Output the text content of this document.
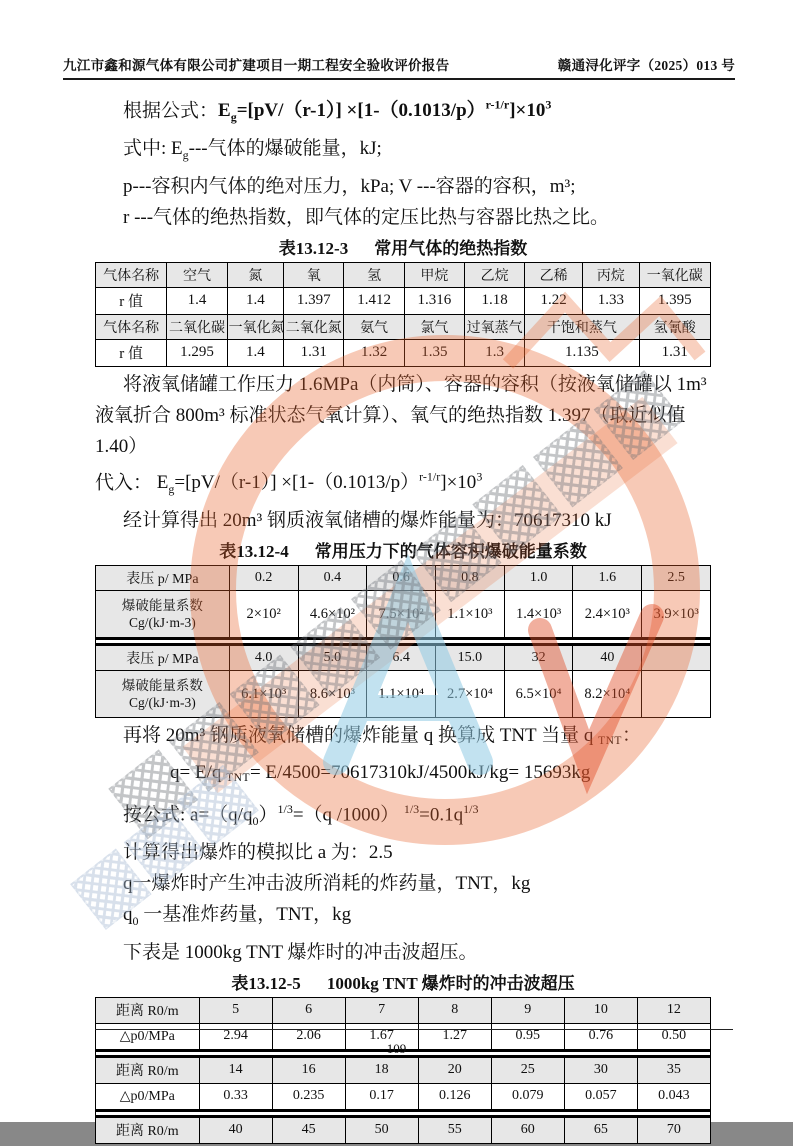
九江市鑫和源气体有限公司扩建项目一期工程安全验收评价报告	赣通浔化评字（2025）013 号

根据公式：$E_g=[pV/(r-1)] \times[1-(0.1013/p)^{r-1/r}]\times 10^3$

式中: $E_g---$气体的爆破能量，kJ;

p---容积内气体的绝对压力，kPa; V ---容器的容积，m³;

r ---气体的绝热指数，即气体的定压比热与容器比热之比。

表13.12-3 常用气体的绝热指数
气体名称	空气	氮	氧	氢	甲烷	乙烷	乙稀	丙烷	一氧化碳
r 值	1.4	1.4	1.397	1.412	1.316	1.18	1.22	1.33	1.395
气体名称	二氧化碳	一氧化氮	二氧化氮	氨气	氯气	过氧蒸气	干饱和蒸气		氢氰酸
r 值	1.295	1.4	1.31	1.32	1.35	1.3	1.135		1.31

将液氧储罐工作压力 1.6MPa（内筒）、容器的容积（按液氧储罐以 1m³

液氧折合 800m³ 标准状态气氧计算）、氧气的绝热指数 1.397（取近似值 1.40）

代入： $E_g=[pV/(r-1)] \times[1-(0.1013/p)^{r-1/r}]\times 10^3$

经计算得出 20m³ 钢质液氧储槽的爆炸能量为：70617310 kJ

表13.12-4 常用压力下的气体容积爆破能量系数
表压 p/ MPa	0.2	0.4	0.6	0.8	1.0	1.6	2.5

爆破能量系数
Cg/(kJ·m-3)	2×10²	4.6×10²	7.5×10²	1.1×10³	1.4×10³	2.4×10³	3.9×10³

表压 p/ MPa	4.0	5.0	6.4	15.0	32	40	

爆破能量系数
Cg/(kJ·m-3)	6.1×10³	8.6×10³	1.1×10⁴	2.7×10⁴	6.5×10⁴	8.2×10⁴	

再将 20m³ 钢质液氧储槽的爆炸能量 q 换算成 TNT 当量 q TNT：

q= E/q TNT= E/4500=70617310kJ/4500kJ/kg= 15693kg

按公式: $a=(q/q_0)^{1/3}=(q$ /1000） $^{1/3}=0.1q^{1/3}$

计算得出爆炸的模拟比 a 为：2.5

q一爆炸时产生冲击波所消耗的炸药量，TNT，kg

$q_0$ 一基准炸药量，TNT，kg

下表是 1000kg TNT 爆炸时的冲击波超压。

表13.12-5 1000kg TNT 爆炸时的冲击波超压
距离 R0/m	5	6	7	8	9	10	12
△p0/MPa	2.94	2.06	1.67	1.27	0.95	0.76	0.50

距离 R0/m	14	16	18	20	25	30	35
△p0/MPa	0.33	0.235	0.17	0.126	0.079	0.057	0.043

距离 R0/m	40	45	50	55	60	65	70
109
